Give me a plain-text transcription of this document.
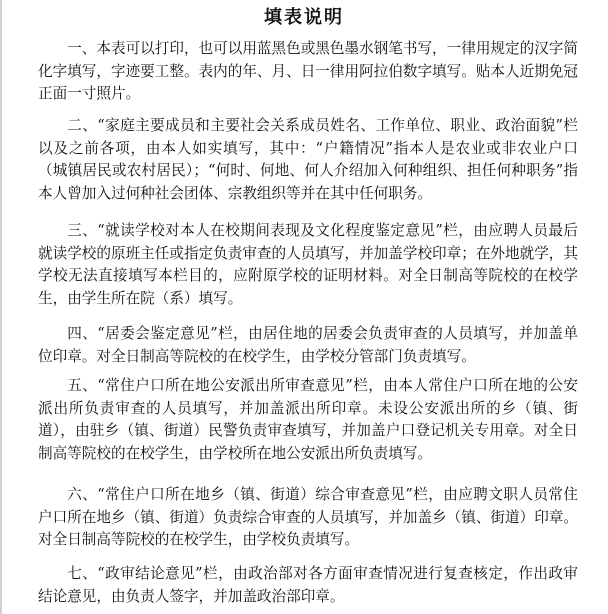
填表说明

一、本表可以打印，也可以用蓝黑色或黑色墨水钢笔书写，一律用规定的汉字简化字填写，字迹要工整。表内的年、月、日一律用阿拉伯数字填写。贴本人近期免冠正面一寸照片。

二、“家庭主要成员和主要社会关系成员姓名、工作单位、职业、政治面貌”栏以及之前各项，由本人如实填写，其中：“户籍情况”指本人是农业或非农业户口（城镇居民或农村居民）；“何时、何地、何人介绍加入何种组织、担任何种职务”指本人曾加入过何种社会团体、宗教组织等并在其中任何职务。

三、“就读学校对本人在校期间表现及文化程度鉴定意见”栏，由应聘人员最后就读学校的原班主任或指定负责审查的人员填写，并加盖学校印章；在外地就学，其学校无法直接填写本栏目的，应附原学校的证明材料。对全日制高等院校的在校学生，由学生所在院（系）填写。

四、“居委会鉴定意见”栏，由居住地的居委会负责审查的人员填写，并加盖单位印章。对全日制高等院校的在校学生，由学校分管部门负责填写。

五、“常住户口所在地公安派出所审查意见”栏，由本人常住户口所在地的公安派出所负责审查的人员填写，并加盖派出所印章。未设公安派出所的乡（镇、街道），由驻乡（镇、街道）民警负责审查填写，并加盖户口登记机关专用章。对全日制高等院校的在校学生，由学校所在地公安派出所负责填写。

六、“常住户口所在地乡（镇、街道）综合审查意见”栏，由应聘文职人员常住户口所在地乡（镇、街道）负责综合审查的人员填写，并加盖乡（镇、街道）印章。对全日制高等院校的在校学生，由学校负责填写。

七、“政审结论意见”栏，由政治部对各方面审查情况进行复查核定，作出政审结论意见，由负责人签字，并加盖政治部印章。
